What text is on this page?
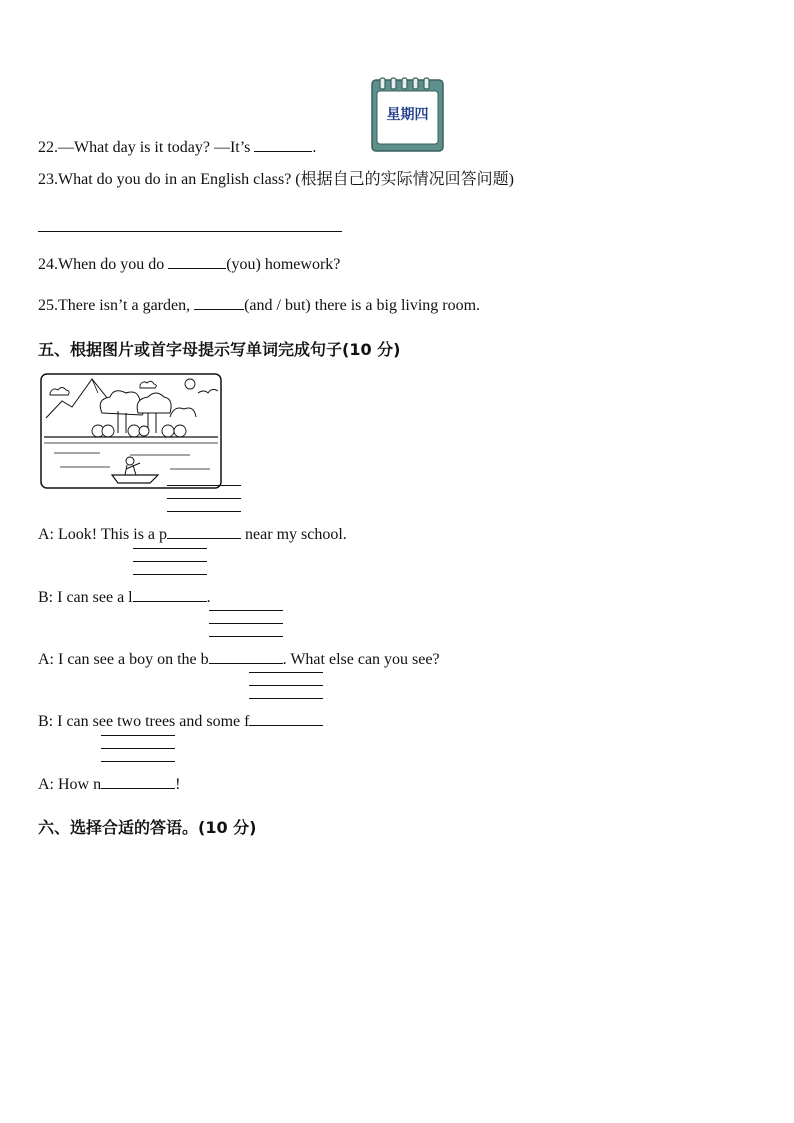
22.—What day is it today? —It’s	.
星期四
23.What do you do in an English class? (根据自己的实际情况回答问题)
24.When do you do	(you) homework?
25.There isn’t a garden,	(and / but) there is a big living room.
五、根据图片或首字母提示写单词完成句子(10 分)
A: Look! This is a p	near my school.
B: I can see a l	.
A: I can see a boy on the b	. What else can you see?
B: I can see two trees and some f
A: How n	!
六、选择合适的答语。(10 分)
